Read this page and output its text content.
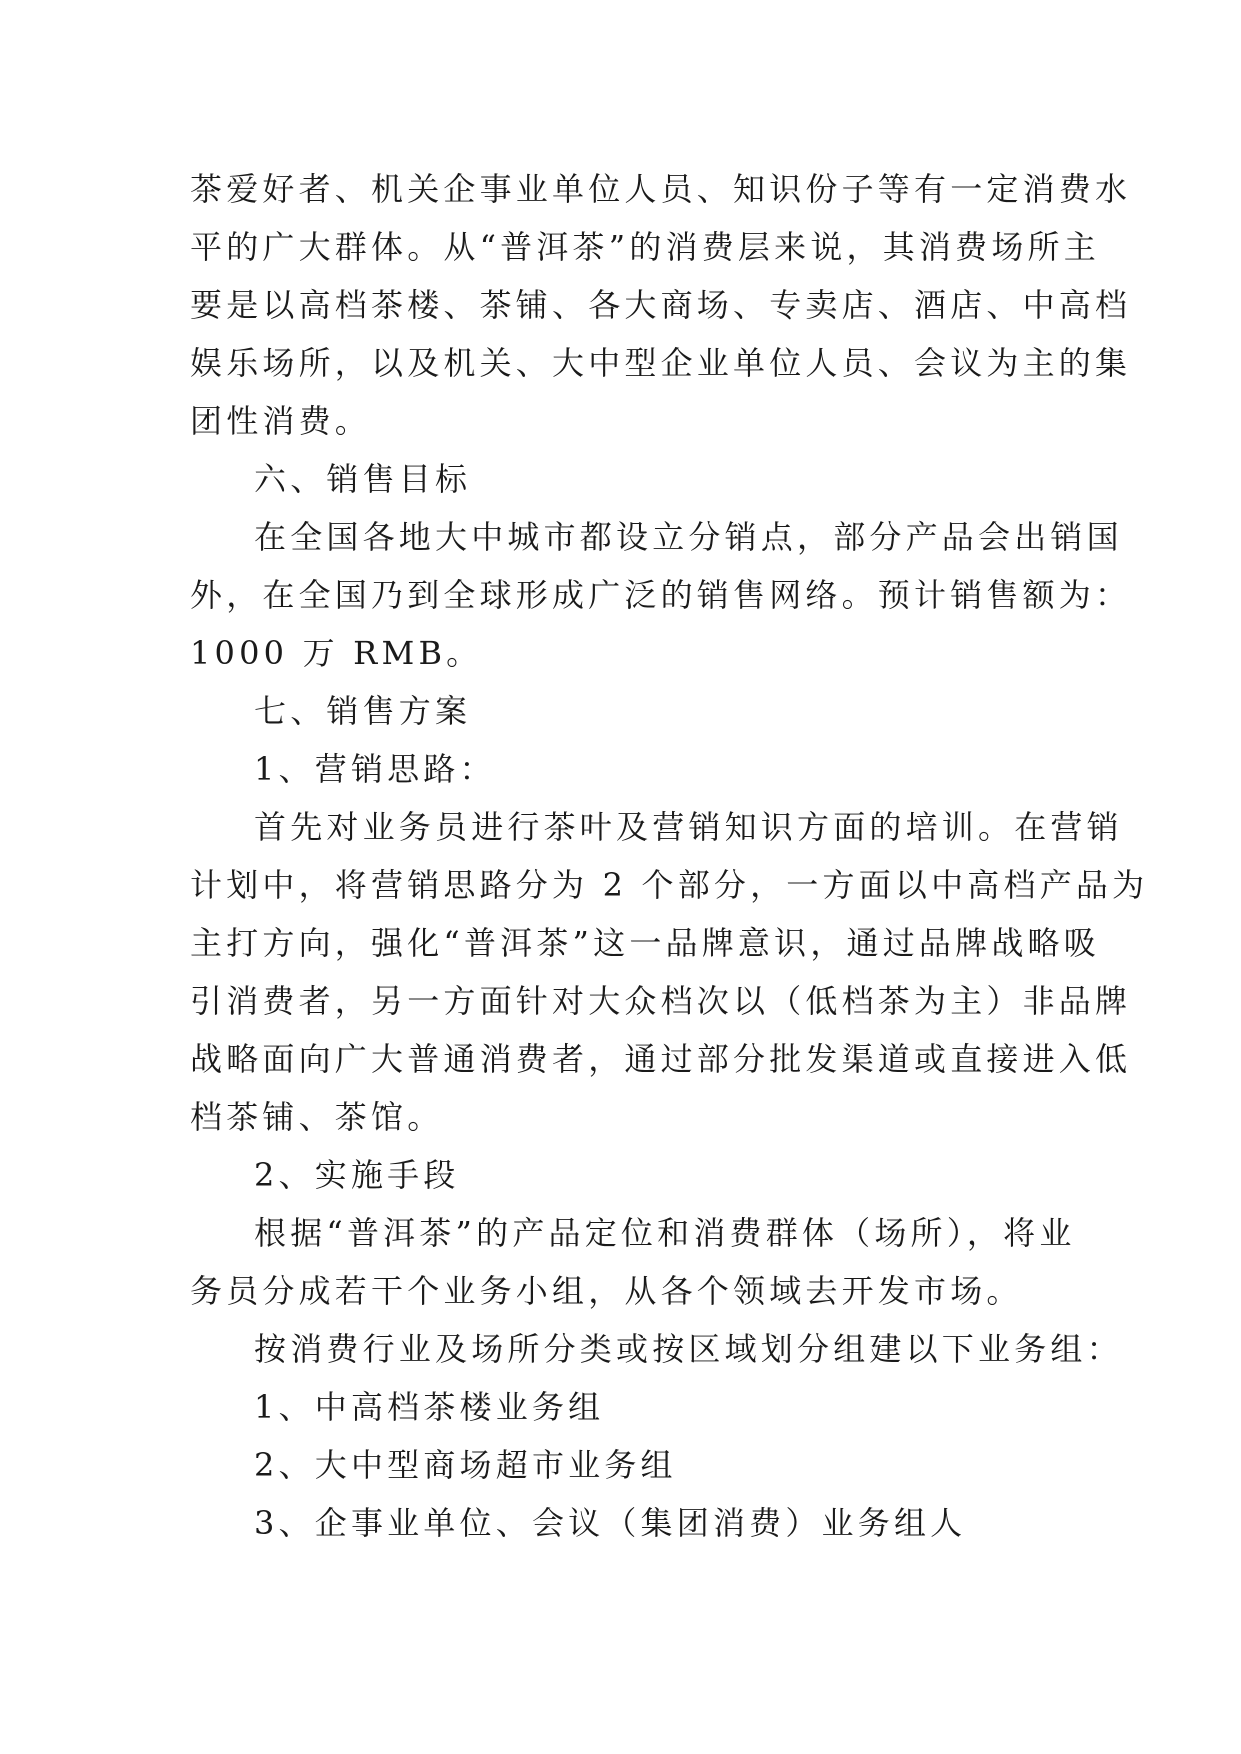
茶爱好者、机关企事业单位人员、知识份子等有一定消费水
平的广大群体。从“普洱茶”的消费层来说，其消费场所主
要是以高档茶楼、茶铺、各大商场、专卖店、酒店、中高档
娱乐场所，以及机关、大中型企业单位人员、会议为主的集
团性消费。
六、销售目标
在全国各地大中城市都设立分销点，部分产品会出销国
外，在全国乃到全球形成广泛的销售网络。预计销售额为：
1000 万 RMB。
七、销售方案
1、营销思路：
首先对业务员进行茶叶及营销知识方面的培训。在营销
计划中，将营销思路分为 2 个部分，一方面以中高档产品为
主打方向，强化“普洱茶”这一品牌意识，通过品牌战略吸
引消费者，另一方面针对大众档次以（低档茶为主）非品牌
战略面向广大普通消费者，通过部分批发渠道或直接进入低
档茶铺、茶馆。
2、实施手段
根据“普洱茶”的产品定位和消费群体（场所），将业
务员分成若干个业务小组，从各个领域去开发市场。
按消费行业及场所分类或按区域划分组建以下业务组：
1、中高档茶楼业务组
2、大中型商场超市业务组
3、企事业单位、会议（集团消费）业务组人
